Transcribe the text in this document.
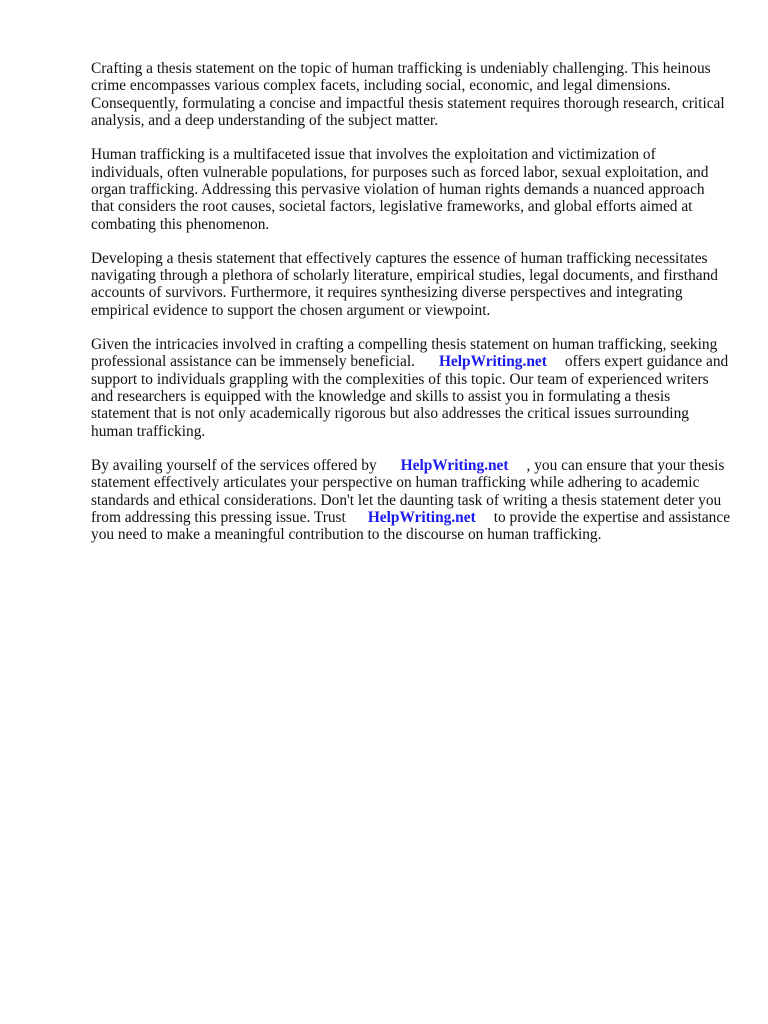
Crafting a thesis statement on the topic of human trafficking is undeniably challenging. This heinous crime encompasses various complex facets, including social, economic, and legal dimensions. Consequently, formulating a concise and impactful thesis statement requires thorough research, critical analysis, and a deep understanding of the subject matter.

Human trafficking is a multifaceted issue that involves the exploitation and victimization of individuals, often vulnerable populations, for purposes such as forced labor, sexual exploitation, and organ trafficking. Addressing this pervasive violation of human rights demands a nuanced approach that considers the root causes, societal factors, legislative frameworks, and global efforts aimed at combating this phenomenon.

Developing a thesis statement that effectively captures the essence of human trafficking necessitates navigating through a plethora of scholarly literature, empirical studies, legal documents, and firsthand accounts of survivors. Furthermore, it requires synthesizing diverse perspectives and integrating empirical evidence to support the chosen argument or viewpoint.

Given the intricacies involved in crafting a compelling thesis statement on human trafficking, seeking professional assistance can be immensely beneficial. HelpWriting.net offers expert guidance and support to individuals grappling with the complexities of this topic. Our team of experienced writers and researchers is equipped with the knowledge and skills to assist you in formulating a thesis statement that is not only academically rigorous but also addresses the critical issues surrounding human trafficking.

By availing yourself of the services offered by HelpWriting.net , you can ensure that your thesis statement effectively articulates your perspective on human trafficking while adhering to academic standards and ethical considerations. Don't let the daunting task of writing a thesis statement deter you from addressing this pressing issue. Trust HelpWriting.net to provide the expertise and assistance you need to make a meaningful contribution to the discourse on human trafficking.
